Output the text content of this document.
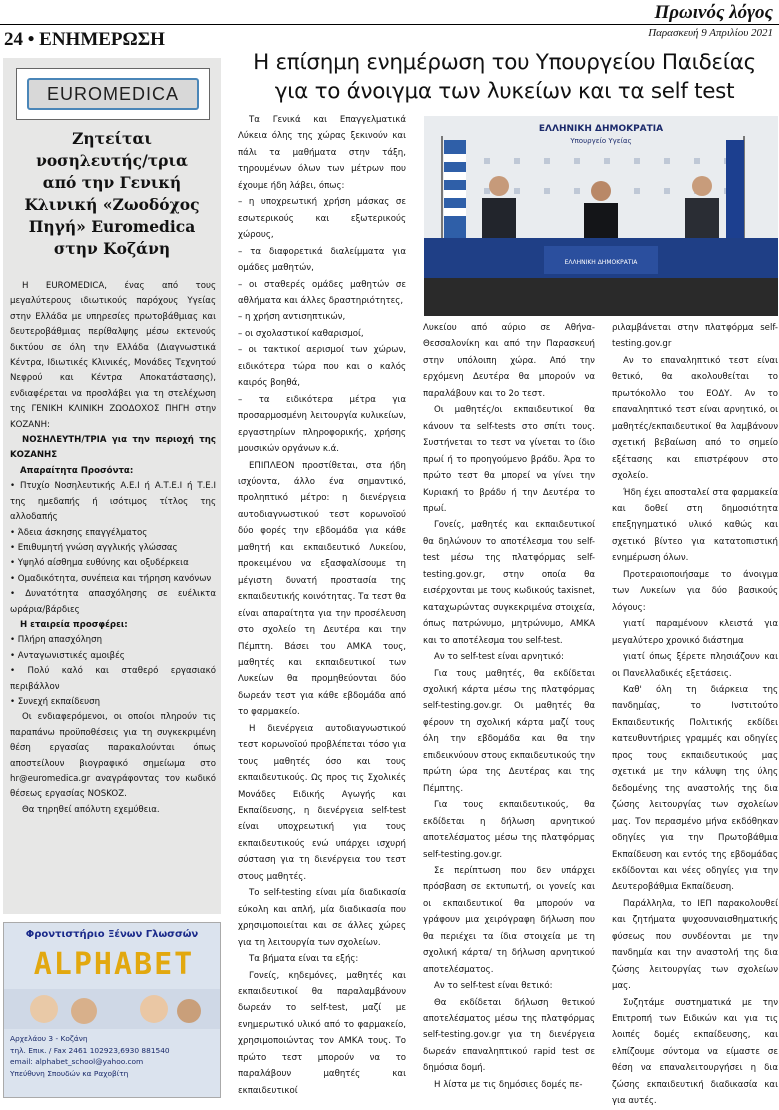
Πρωινός λόγος
Παρασκευή 9 Απριλίου 2021
24 • ΕΝΗΜΕΡΩΣΗ
EUROMEDICA
Ζητείται
νοσηλευτής/τρια
από την Γενική
Κλινική «Ζωοδόχος
Πηγή» Euromedica
στην Κοζάνη

Η EUROMEDICA, ένας από τους μεγαλύτερους ιδιωτικούς παρόχους Υγείας στην Ελλάδα με υπηρεσίες πρωτοβάθμιας και δευτεροβάθμιας περίθαλψης μέσω εκτενούς δικτύου σε όλη την Ελλάδα (Διαγνωστικά Κέντρα, Ιδιωτικές Κλινικές, Μονάδες Τεχνητού Νεφρού και Κέντρα Αποκατάστασης), ενδιαφέρεται να προσλάβει για τη στελέχωση της ΓΕΝΙΚΗ ΚΛΙΝΙΚΗ ΖΩΟΔΟΧΟΣ ΠΗΓΗ στην ΚΟΖΑΝΗ:

ΝΟΣΗΛΕΥΤΗ/ΤΡΙΑ για την περιοχή της ΚΟΖΑΝΗΣ

Απαραίτητα Προσόντα:

• Πτυχίο Νοσηλευτικής Α.Ε.Ι ή Α.Τ.Ε.Ι ή Τ.Ε.Ι της ημεδαπής ή ισότιμος τίτλος της αλλοδαπής

• Άδεια άσκησης επαγγέλματος

• Επιθυμητή γνώση αγγλικής γλώσσας

• Υψηλό αίσθημα ευθύνης και οξυδέρκεια

• Ομαδικότητα, συνέπεια και τήρηση κανόνων

• Δυνατότητα απασχόλησης σε ευέλικτα ωράρια/βάρδιες

Η εταιρεία προσφέρει:

• Πλήρη απασχόληση

• Ανταγωνιστικές αμοιβές

• Πολύ καλό και σταθερό εργασιακό περιβάλλον

• Συνεχή εκπαίδευση

Οι ενδιαφερόμενοι, οι οποίοι πληρούν τις παραπάνω προϋποθέσεις για τη συγκεκριμένη θέση εργασίας παρακαλούνται όπως αποστείλουν βιογραφικό σημείωμα στο hr@euromedica.gr αναγράφοντας τον κωδικό θέσεως εργασίας NOSKOZ.

Θα τηρηθεί απόλυτη εχεμύθεια.

Φροντιστήριο Ξένων Γλωσσών
ALPHABET
Αρχελάου 3 - Κοζάνη
τηλ. Επικ. / Fax 2461 102923,6930 881540
email: alphabet_school@yahoo.com
Υπεύθυνη Σπουδών κα Ραχοβίτη
Η επίσημη ενημέρωση του Υπουργείου Παιδείας
για το άνοιγμα των λυκείων και τα self test
ΕΛΛΗΝΙΚΗ ΔΗΜΟΚΡΑΤΙΑ
Υπουργείο Υγείας
ΕΛΛΗΝΙΚΗ ΔΗΜΟΚΡΑΤΙΑ

Τα Γενικά και Επαγγελματικά Λύκεια όλης της χώρας ξεκινούν και πάλι τα μαθήματα στην τάξη, τηρουμένων όλων των μέτρων που έχουμε ήδη λάβει, όπως:

– η υποχρεωτική χρήση μάσκας σε εσωτερικούς και εξωτερικούς χώρους,

– τα διαφορετικά διαλείμματα για ομάδες μαθητών,

– οι σταθερές ομάδες μαθητών σε αθλήματα και άλλες δραστηριότητες,

– η χρήση αντισηπτικών,

– οι σχολαστικοί καθαρισμοί,

– οι τακτικοί αερισμοί των χώρων, ειδικότερα τώρα που και ο καλός καιρός βοηθά,

– τα ειδικότερα μέτρα για προσαρμοσμένη λειτουργία κυλικείων, εργαστηρίων πληροφορικής, χρήσης μουσικών οργάνων κ.ά.

ΕΠΙΠΛΕΟΝ προστίθεται, στα ήδη ισχύοντα, άλλο ένα σημαντικό, προληπτικό μέτρο: η διενέργεια αυτοδιαγνωστικού τεστ κορωνοϊού δύο φορές την εβδομάδα για κάθε μαθητή και εκπαιδευτικό Λυκείου, προκειμένου να εξασφαλίσουμε τη μέγιστη δυνατή προστασία της εκπαιδευτικής κοινότητας. Τα τεστ θα είναι απαραίτητα για την προσέλευση στο σχολείο τη Δευτέρα και την Πέμπτη. Βάσει του ΑΜΚΑ τους, μαθητές και εκπαιδευτικοί των Λυκείων θα προμηθεύονται δύο δωρεάν τεστ για κάθε εβδομάδα από το φαρμακείο.

Η διενέργεια αυτοδιαγνωστικού τεστ κορωνοϊού προβλέπεται τόσο για τους μαθητές όσο και τους εκπαιδευτικούς. Ως προς τις Σχολικές Μονάδες Ειδικής Αγωγής και Εκπαίδευσης, η διενέργεια self-test είναι υποχρεωτική για τους εκπαιδευτικούς ενώ υπάρχει ισχυρή σύσταση για τη διενέργεια του τεστ στους μαθητές.

Το self-testing είναι μία διαδικασία εύκολη και απλή, μία διαδικασία που χρησιμοποιείται και σε άλλες χώρες για τη λειτουργία των σχολείων.

Τα βήματα είναι τα εξής:

Γονείς, κηδεμόνες, μαθητές και εκπαιδευτικοί θα παραλαμβάνουν δωρεάν το self-test, μαζί με ενημερωτικό υλικό από το φαρμακείο, χρησιμοποιώντας τον ΑΜΚΑ τους. Το πρώτο τεστ μπορούν να το παραλάβουν μαθητές και εκπαιδευτικοί

Λυκείου από αύριο σε Αθήνα-Θεσσαλονίκη και από την Παρασκευή στην υπόλοιπη χώρα. Από την ερχόμενη Δευτέρα θα μπορούν να παραλάβουν και το 2ο τεστ.

Οι μαθητές/οι εκπαιδευτικοί θα κάνουν τα self-tests στο σπίτι τους. Συστήνεται το τεστ να γίνεται το ίδιο πρωί ή το προηγούμενο βράδυ. Άρα το πρώτο τεστ θα μπορεί να γίνει την Κυριακή το βράδυ ή την Δευτέρα το πρωί.

Γονείς, μαθητές και εκπαιδευτικοί θα δηλώνουν το αποτέλεσμα του self-test μέσω της πλατφόρμας self-testing.gov.gr, στην οποία θα εισέρχονται με τους κωδικούς taxisnet, καταχωρώντας συγκεκριμένα στοιχεία, όπως πατρώνυμο, μητρώνυμο, ΑΜΚΑ και το αποτέλεσμα του self-test.

Αν το self-test είναι αρνητικό:

Για τους μαθητές, θα εκδίδεται σχολική κάρτα μέσω της πλατφόρμας self-testing.gov.gr. Οι μαθητές θα φέρουν τη σχολική κάρτα μαζί τους όλη την εβδομάδα και θα την επιδεικνύουν στους εκπαιδευτικούς την πρώτη ώρα της Δευτέρας και της Πέμπτης.

Για τους εκπαιδευτικούς, θα εκδίδεται η δήλωση αρνητικού αποτελέσματος μέσω της πλατφόρμας self-testing.gov.gr.

Σε περίπτωση που δεν υπάρχει πρόσβαση σε εκτυπωτή, οι γονείς και οι εκπαιδευτικοί θα μπορούν να γράφουν μια χειρόγραφη δήλωση που θα περιέχει τα ίδια στοιχεία με τη σχολική κάρτα/ τη δήλωση αρνητικού αποτελέσματος.

Αν το self-test είναι θετικό:

Θα εκδίδεται δήλωση θετικού αποτελέσματος μέσω της πλατφόρμας self-testing.gov.gr για τη διενέργεια δωρεάν επαναληπτικού rapid test σε δημόσια δομή.

Η λίστα με τις δημόσιες δομές πε-

ριλαμβάνεται στην πλατφόρμα self-testing.gov.gr

Αν το επαναληπτικό τεστ είναι θετικό, θα ακολουθείται το πρωτόκολλο του ΕΟΔΥ. Αν το επαναληπτικό τεστ είναι αρνητικό, οι μαθητές/εκπαιδευτικοί θα λαμβάνουν σχετική βεβαίωση από το σημείο εξέτασης και επιστρέφουν στο σχολείο.

Ήδη έχει αποσταλεί στα φαρμακεία και δοθεί στη δημοσιότητα επεξηγηματικό υλικό καθώς και σχετικό βίντεο για κατατοπιστική ενημέρωση όλων.

Προτεραιοποιήσαμε το άνοιγμα των Λυκείων για δύο βασικούς λόγους:

γιατί παραμένουν κλειστά για μεγαλύτερο χρονικό διάστημα

γιατί όπως ξέρετε πλησιάζουν και οι Πανελλαδικές εξετάσεις.

Καθ' όλη τη διάρκεια της πανδημίας, το Ινστιτούτο Εκπαιδευτικής Πολιτικής εκδίδει κατευθυντήριες γραμμές και οδηγίες προς τους εκπαιδευτικούς μας σχετικά με την κάλυψη της ύλης δεδομένης της αναστολής της δια ζώσης λειτουργίας των σχολείων μας. Τον περασμένο μήνα εκδόθηκαν οδηγίες για την Πρωτοβάθμια Εκπαίδευση και εντός της εβδομάδας εκδίδονται και νέες οδηγίες για την Δευτεροβάθμια Εκπαίδευση.

Παράλληλα, το ΙΕΠ παρακολουθεί και ζητήματα ψυχοσυναισθηματικής φύσεως που συνδέονται με την πανδημία και την αναστολή της δια ζώσης λειτουργίας των σχολείων μας.

Συζητάμε συστηματικά με την Επιτροπή των Ειδικών και για τις λοιπές δομές εκπαίδευσης, και ελπίζουμε σύντομα να είμαστε σε θέση να επαναλειτουργήσει η δια ζώσης εκπαιδευτική διαδικασία και για αυτές.
